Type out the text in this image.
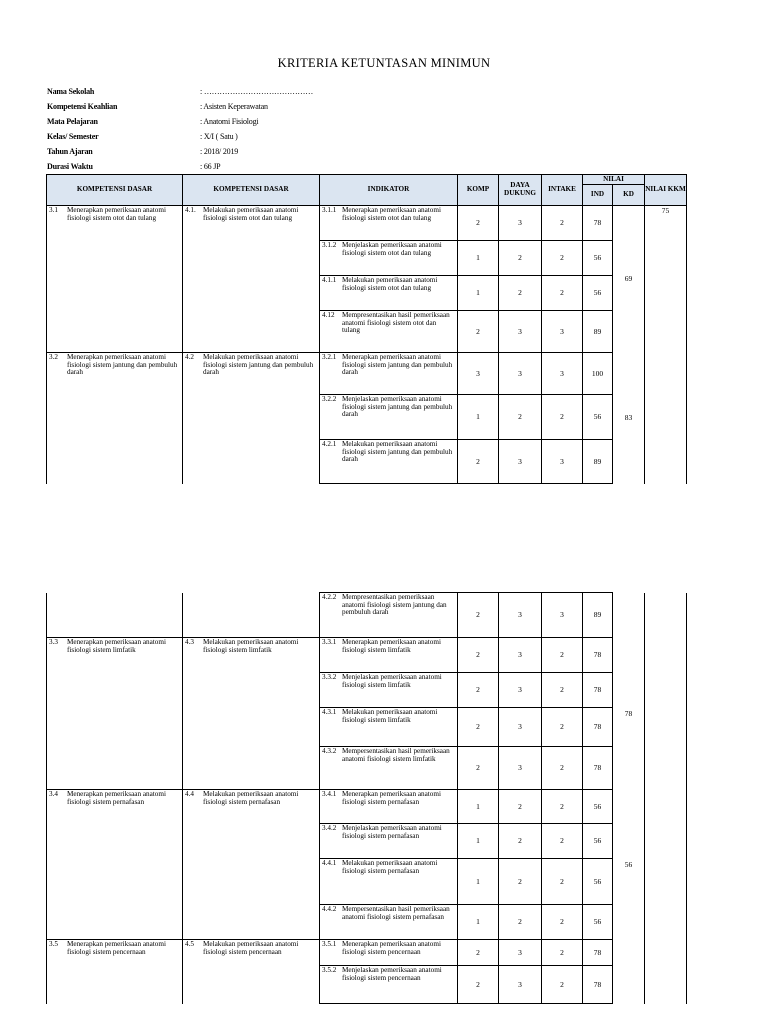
KRITERIA KETUNTASAN MINIMUN
Nama Sekolah	: ……………………………………
Kompetensi Keahlian	: Asisten Keperawatan
Mata Pelajaran	: Anatomi Fisiologi
Kelas/ Semester	: X/I ( Satu )
Tahun Ajaran	: 2018/ 2019
Durasi Waktu	: 66 JP
KOMPETENSI DASAR	KOMPETENSI DASAR	INDIKATOR	KOMP	DAYA DUKUNG	INTAKE	NILAI		NILAI KKM
						IND	KD	

3.1 Menerapkan pemeriksaan anatomi fisiologi sistem otot dan tulang	4.1. Melakukan pemeriksaan anatomi fisiologi sistem otot dan tulang	3.1.1 Menerapkan pemeriksaan anatomi fisiologi sistem otot dan tulang	2	3	2	78	69	75

		3.1.2 Menjelaskan pemeriksaan anatomi fisiologi sistem otot dan tulang	1	2	2	56		

		4.1.1 Melakukan pemeriksaan anatomi fisiologi sistem otot dan tulang	1	2	2	56		

		4.12 Mempresentasikan hasil pemeriksaan anatomi fisiologi sistem otot dan tulang	2	3	3	89		

3.2 Menerapkan pemeriksaan anatomi fisiologi sistem jantung dan pembuluh darah	4.2 Melakukan pemeriksaan anatomi fisiologi sistem jantung dan pembuluh darah	3.2.1 Menerapkan pemeriksaan anatomi fisiologi sistem jantung dan pembuluh darah	3	3	3	100	83	

		3.2.2 Menjelaskan pemeriksaan anatomi fisiologi sistem jantung dan pembuluh darah	1	2	2	56		

		4.2.1 Melakukan pemeriksaan anatomi fisiologi sistem jantung dan pembuluh darah	2	3	3	89		

		4.2.2 Mempresentasikan pemeriksaan anatomi fisiologi sistem jantung dan pembuluh darah	2	3	3	89		

3.3 Menerapkan pemeriksaan anatomi fisiologi sistem limfatik	4.3 Melakukan pemeriksaan anatomi fisiologi sistem limfatik	3.3.1 Menerapkan pemeriksaan anatomi fisiologi sistem limfatik	2	3	2	78	78	

		3.3.2 Menjelaskan pemeriksaan anatomi fisiologi sistem limfatik	2	3	2	78		

		4.3.1 Melakukan pemeriksaan anatomi fisiologi sistem limfatik	2	3	2	78		

		4.3.2 Mempersentasikan hasil pemeriksaan anatomi fisiologi sistem limfatik	2	3	2	78		

3.4 Menerapkan pemeriksaan anatomi fisiologi sistem pernafasan	4.4 Melakukan pemeriksaan anatomi fisiologi sistem pernafasan	3.4.1 Menerapkan pemeriksaan anatomi fisiologi sistem pernafasan	1	2	2	56	56	

		3.4.2 Menjelaskan pemeriksaan anatomi fisiologi sistem pernafasan	1	2	2	56		

		4.4.1 Melakukan pemeriksaan anatomi fisiologi sistem pernafasan	1	2	2	56		

		4.4.2 Mempersentasikan hasil pemeriksaan anatomi fisiologi sistem pernafasan	1	2	2	56		

3.5 Menerapkan pemeriksaan anatomi fisiologi sistem pencernaan	4.5 Melakukan pemeriksaan anatomi fisiologi sistem pencernaan	3.5.1 Menerapkan pemeriksaan anatomi fisiologi sistem pencernaan	2	3	2	78		

		3.5.2 Menjelaskan pemeriksaan anatomi fisiologi sistem pencernaan	2	3	2	78		
